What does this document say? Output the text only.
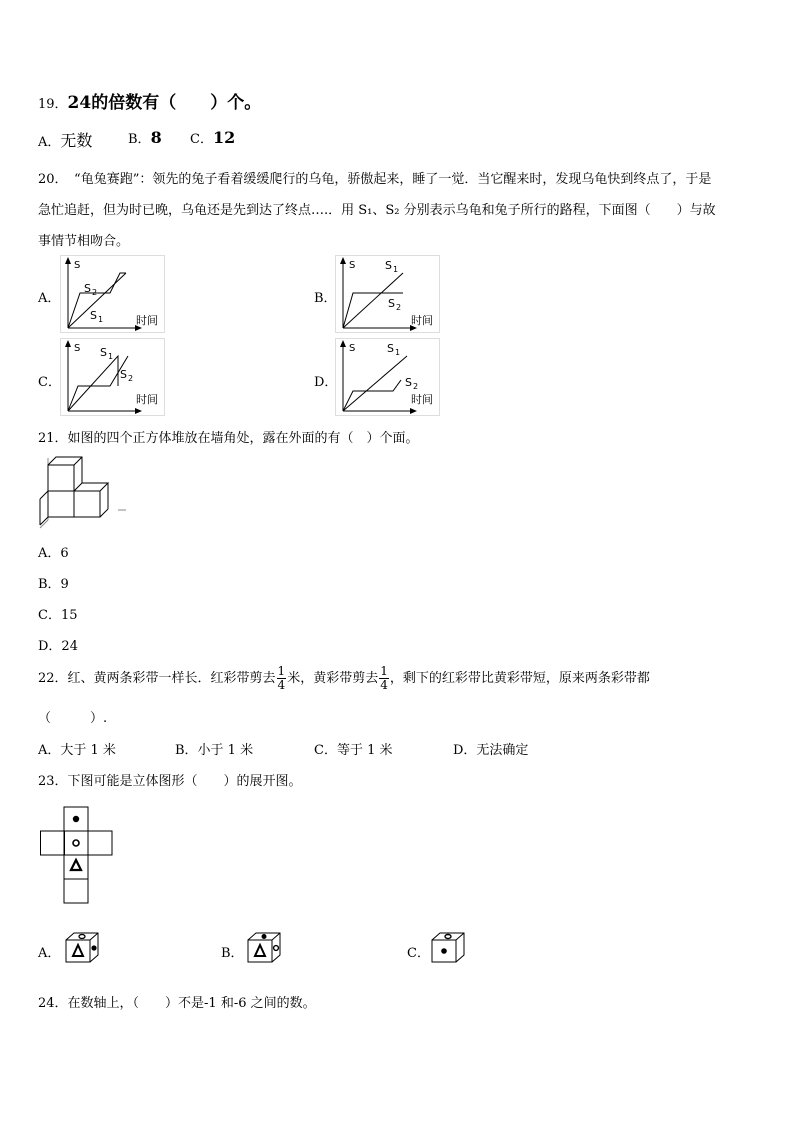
19．24的倍数有（　　）个。
A．无数	B．8 C．12
20．　“龟兔赛跑”：领先的兔子看着缓缓爬行的乌龟，骄傲起来，睡了一觉．当它醒来时，发现乌龟快到终点了，于是
急忙追赶，但为时已晚，乌龟还是先到达了终点….．用 S₁、S₂ 分别表示乌龟和兔子所行的路程，下面图（　　）与故
事情节相吻合。
A．	B．
C．	D．
S
S 2
S 1	时间
S	S 1
S 2
时间
S S 1
S 2
时间
S	S 1
S 2
时间
21．如图的四个正方体堆放在墙角处，露在外面的有（　）个面。
A．6
B．9
C．15
D．24
22．红、黄两条彩带一样长．红彩带剪去 $\frac{1}{4}$ 米，黄彩带剪去 $\frac{1}{4}$ ，剩下的红彩带比黄彩带短，原来两条彩带都
（　　　）.
A．大于 1 米	B．小于 1 米	C．等于 1 米	D．无法确定
23．下图可能是立体图形（　　）的展开图。
A．	B．	C．
24．在数轴上，（　　）不是-1 和-6 之间的数。
